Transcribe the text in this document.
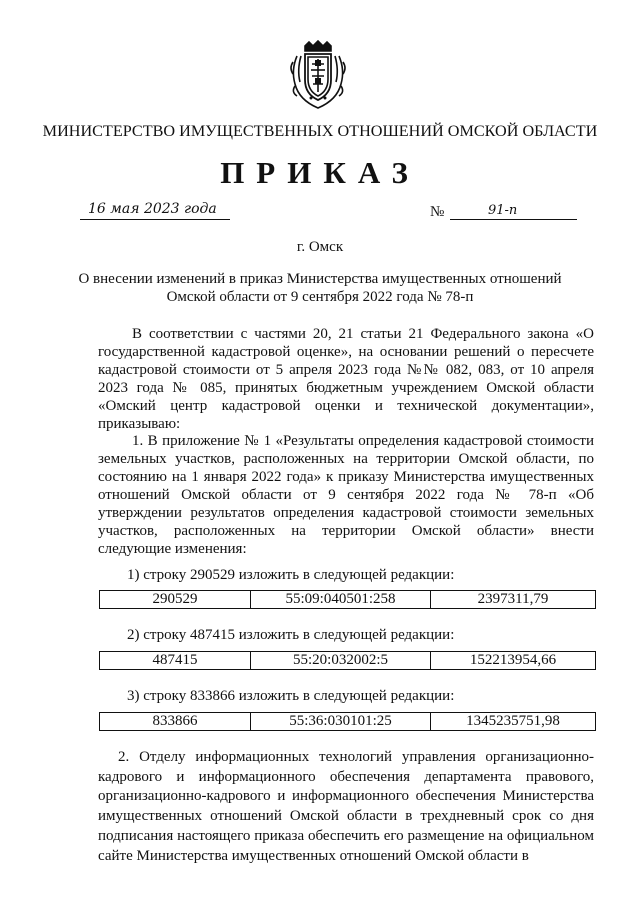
МИНИСТЕРСТВО ИМУЩЕСТВЕННЫХ ОТНОШЕНИЙ ОМСКОЙ ОБЛАСТИ
ПРИКАЗ
16 мая 2023 года	№	91-п
г. Омск
О внесении изменений в приказ Министерства имущественных отношений
Омской области от 9 сентября 2022 года № 78-п
В соответствии с частями 20, 21 статьи 21 Федерального закона «О государственной кадастровой оценке», на основании решений о пересчете кадастровой стоимости от 5 апреля 2023 года №№ 082, 083, от 10 апреля 2023 года № 085, принятых бюджетным учреждением Омской области «Омский центр кадастровой оценки и технической документации», приказываю:
1. В приложение № 1 «Результаты определения кадастровой стоимости земельных участков, расположенных на территории Омской области, по состоянию на 1 января 2022 года» к приказу Министерства имущественных отношений Омской области от 9 сентября 2022 года № 78-п «Об утверждении результатов определения кадастровой стоимости земельных участков, расположенных на территории Омской области» внести следующие изменения:
1) строку 290529 изложить в следующей редакции:
290529	55:09:040501:258	2397311,79
2) строку 487415 изложить в следующей редакции:
487415	55:20:032002:5	152213954,66
3) строку 833866 изложить в следующей редакции:
833866	55:36:030101:25	1345235751,98
2. Отделу информационных технологий управления организационно-кадрового и информационного обеспечения департамента правового, организационно-кадрового и информационного обеспечения Министерства имущественных отношений Омской области в трехдневный срок со дня подписания настоящего приказа обеспечить его размещение на официальном сайте Министерства имущественных отношений Омской области в
